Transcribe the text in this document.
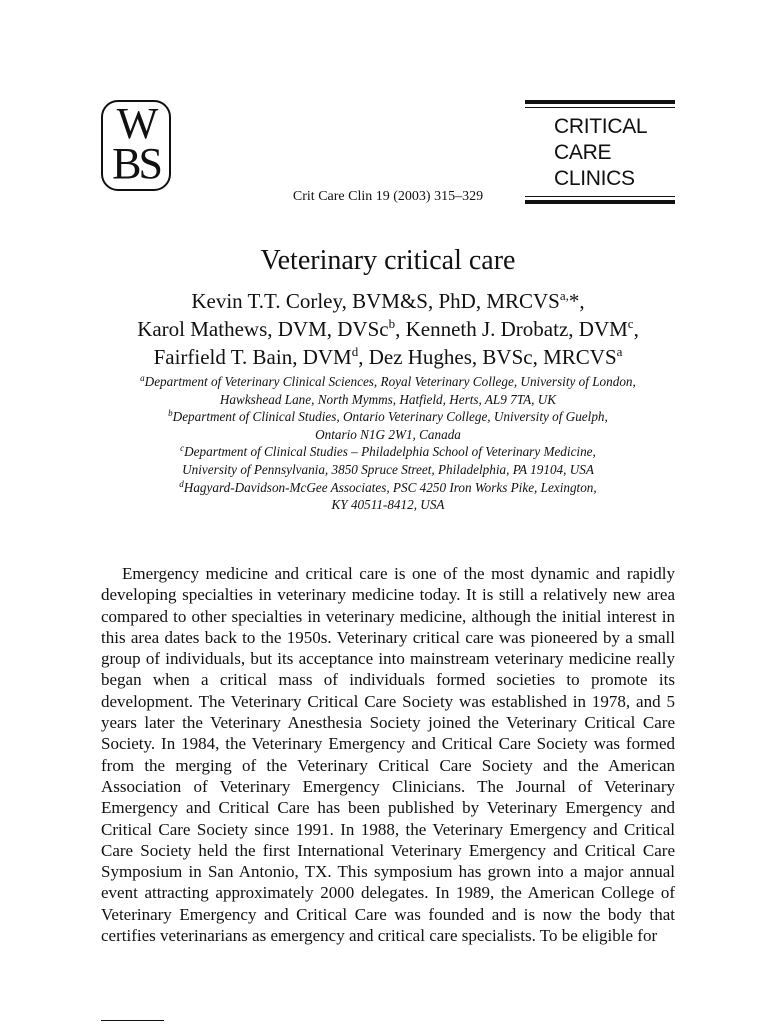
W
BS
CRITICAL
CARE
CLINICS
Crit Care Clin 19 (2003) 315–329
Veterinary critical care
Kevin T.T. Corley, BVM&S, PhD, $MRCVS^{a,}*$,
Karol Mathews, DVM, DVSc$^b$, Kenneth J. Drobatz, DVM$^c$,
Fairfield T. Bain, DVM$^d$, Dez Hughes, BVSc, MRCVS$^a$
$^a$Department of Veterinary Clinical Sciences, Royal Veterinary College, University of London,
Hawkshead Lane, North Mymms, Hatfield, Herts, AL9 7TA, UK
$^b$Department of Clinical Studies, Ontario Veterinary College, University of Guelph,
Ontario N1G 2W1, Canada
$^c$Department of Clinical Studies – Philadelphia School of Veterinary Medicine,
University of Pennsylvania, 3850 Spruce Street, Philadelphia, PA 19104, USA
$^d$Hagyard-Davidson-McGee Associates, PSC 4250 Iron Works Pike, Lexington,
KY 40511-8412, USA

Emergency medicine and critical care is one of the most dynamic and rapidly developing specialties in veterinary medicine today. It is still a relatively new area compared to other specialties in veterinary medicine, although the initial interest in this area dates back to the 1950s. Veterinary critical care was pioneered by a small group of individuals, but its acceptance into mainstream veterinary medicine really began when a critical mass of individuals formed societies to promote its development. The Veterinary Critical Care Society was established in 1978, and 5 years later the Veterinary Anesthesia Society joined the Veterinary Critical Care Society. In 1984, the Veterinary Emergency and Critical Care Society was formed from the merging of the Veterinary Critical Care Society and the American Association of Veterinary Emergency Clinicians. The Journal of Veterinary Emergency and Critical Care has been published by Veterinary Emergency and Critical Care Society since 1991. In 1988, the Veterinary Emergency and Critical Care Society held the first International Veterinary Emergency and Critical Care Symposium in San Antonio, TX. This symposium has grown into a major annual event attracting approximately 2000 delegates. In 1989, the American College of Veterinary Emergency and Critical Care was founded and is now the body that certifies veterinarians as emergency and critical care specialists. To be eligible for
